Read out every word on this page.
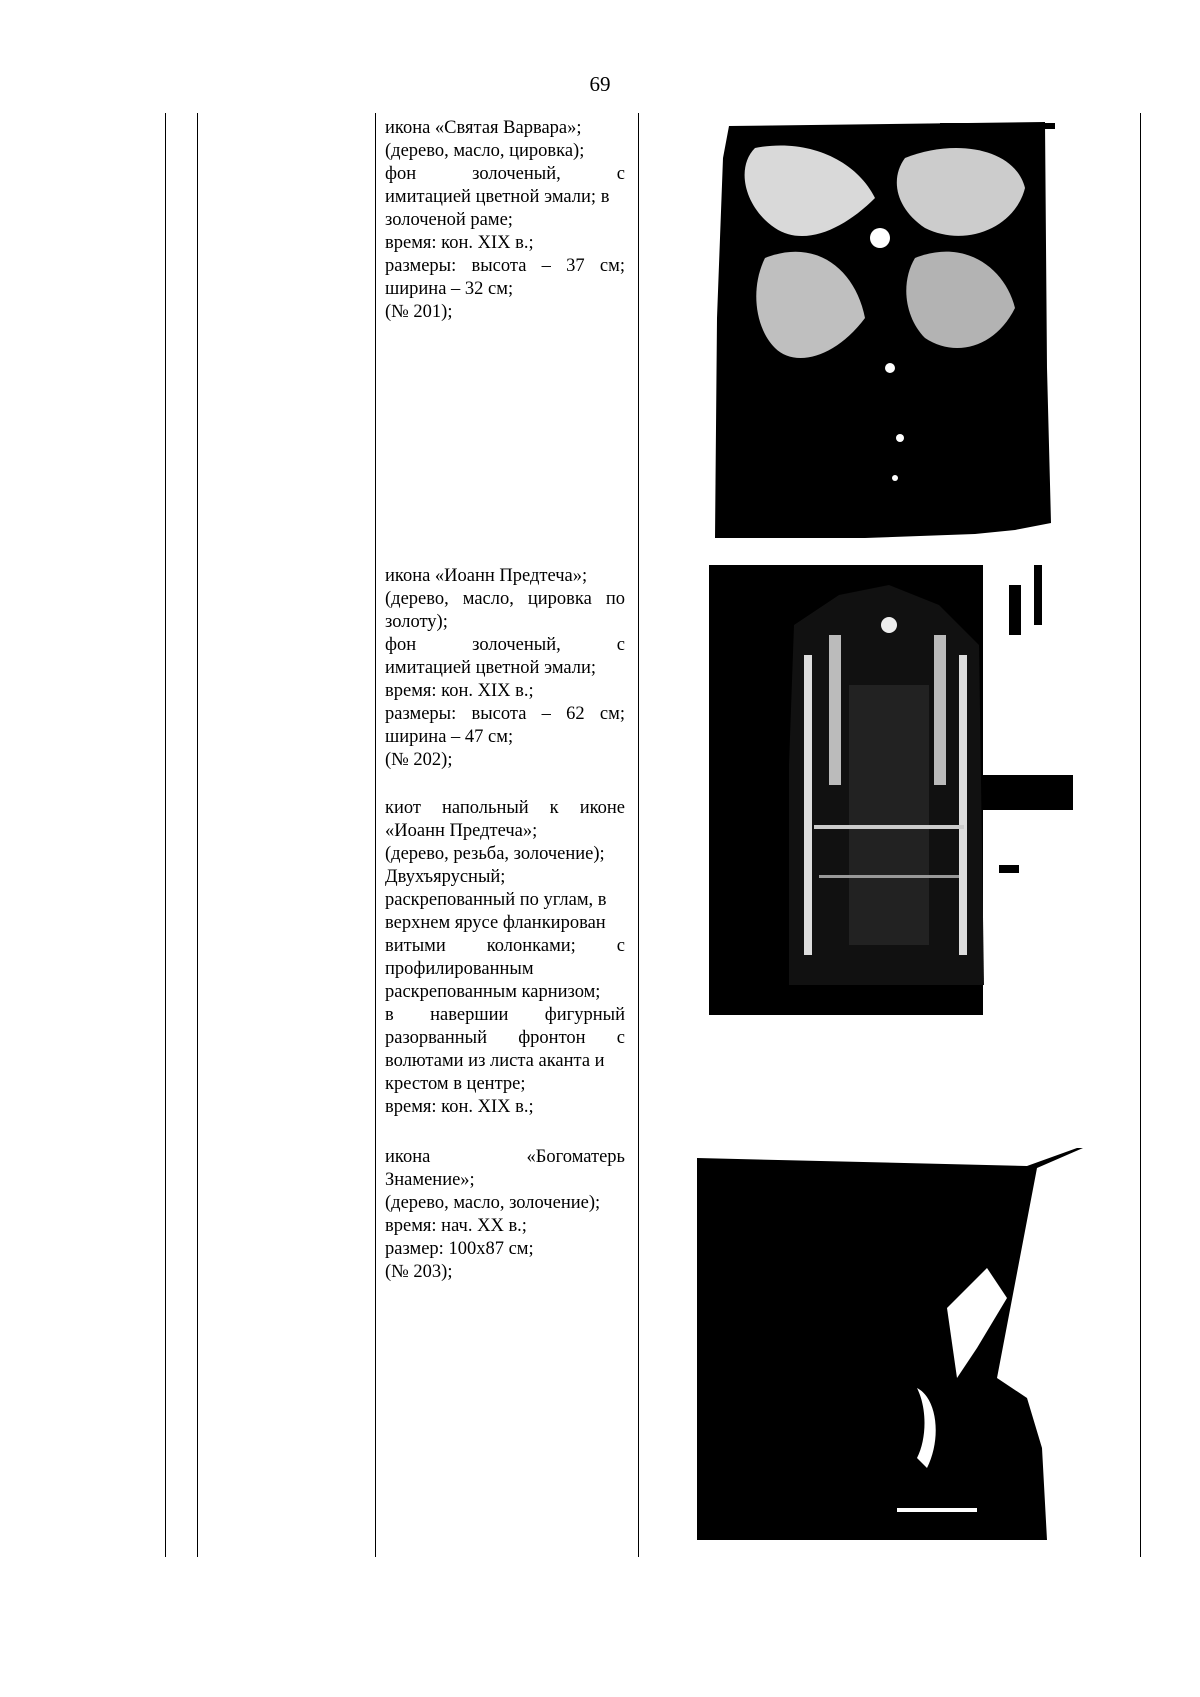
69

икона «Святая Варвара»;

(дерево, масло, цировка);

фон золоченый, с

имитацией цветной эмали; в

золоченой раме;

время: кон. XIX в.;

размеры: высота – 37 см;

ширина – 32 см;

(№ 201);

икона «Иоанн Предтеча»;

(дерево, масло, цировка по

золоту);

фон золоченый, с

имитацией цветной эмали;

время: кон. XIX в.;

размеры: высота – 62 см;

ширина – 47 см;

(№ 202);

киот напольный к иконе

«Иоанн Предтеча»;

(дерево, резьба, золочение);

Двухъярусный;

раскрепованный по углам, в

верхнем ярусе фланкирован

витыми колонками; с

профилированным

раскрепованным карнизом;

в навершии фигурный

разорванный фронтон с

волютами из листа аканта и

крестом в центре;

время: кон. XIX в.;

икона «Богоматерь

Знамение»;

(дерево, масло, золочение);

время: нач. XX в.;

размер: 100х87 см;

(№ 203);
